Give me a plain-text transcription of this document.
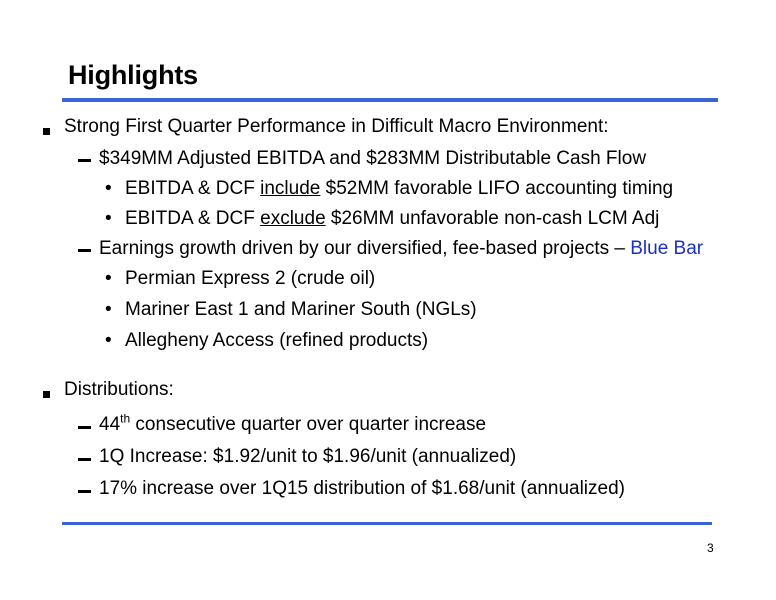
Highlights
Strong First Quarter Performance in Difficult Macro Environment:
$349MM Adjusted EBITDA and $283MM Distributable Cash Flow
• EBITDA & DCF include $52MM favorable LIFO accounting timing
• EBITDA & DCF exclude $26MM unfavorable non-cash LCM Adj
Earnings growth driven by our diversified, fee-based projects – Blue Bar
• Permian Express 2 (crude oil)
• Mariner East 1 and Mariner South (NGLs)
• Allegheny Access (refined products)
Distributions:
44th consecutive quarter over quarter increase
1Q Increase: $1.92/unit to $1.96/unit (annualized)
17% increase over 1Q15 distribution of $1.68/unit (annualized)
3
